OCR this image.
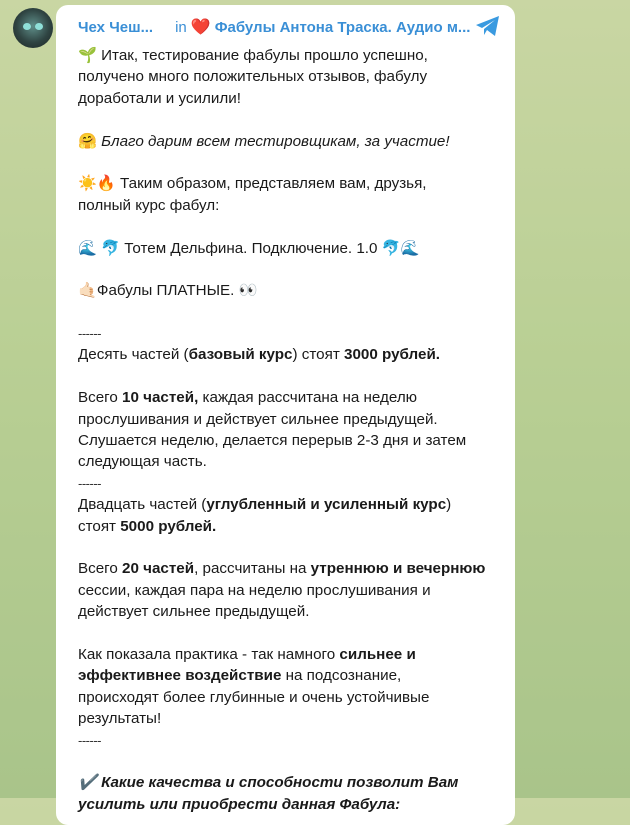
Чех Чеш... in ❤️ Фабулы Антона Траска. Аудио м...
🌱 Итак, тестирование фабулы прошло успешно,
получено много положительных отзывов, фабулу
доработали и усилили!
🤗 Благо дарим всем тестировщикам, за участие!
☀️🔥 Таким образом, представляем вам, друзья,
полный курс фабул:
🌊 🐬 Тотем Дельфина. Подключение. 1.0 🐬🌊
🤙🏻Фабулы ПЛАТНЫЕ. 👀
------
Десять частей (базовый курс) стоят 3000 рублей.
Всего 10 частей, каждая рассчитана на неделю
прослушивания и действует сильнее предыдущей.
Слушается неделю, делается перерыв 2-3 дня и затем
следующая часть.
------
Двадцать частей (углубленный и усиленный курс)
стоят 5000 рублей.
Всего 20 частей, рассчитаны на утреннюю и вечернюю
сессии, каждая пара на неделю прослушивания и
действует сильнее предыдущей.
Как показала практика - так намного сильнее и
эффективнее воздействие на подсознание,
происходят более глубинные и очень устойчивые
результаты!
------
✔️ Какие качества и способности позволит Вам
усилить или приобрести данная Фабула:
